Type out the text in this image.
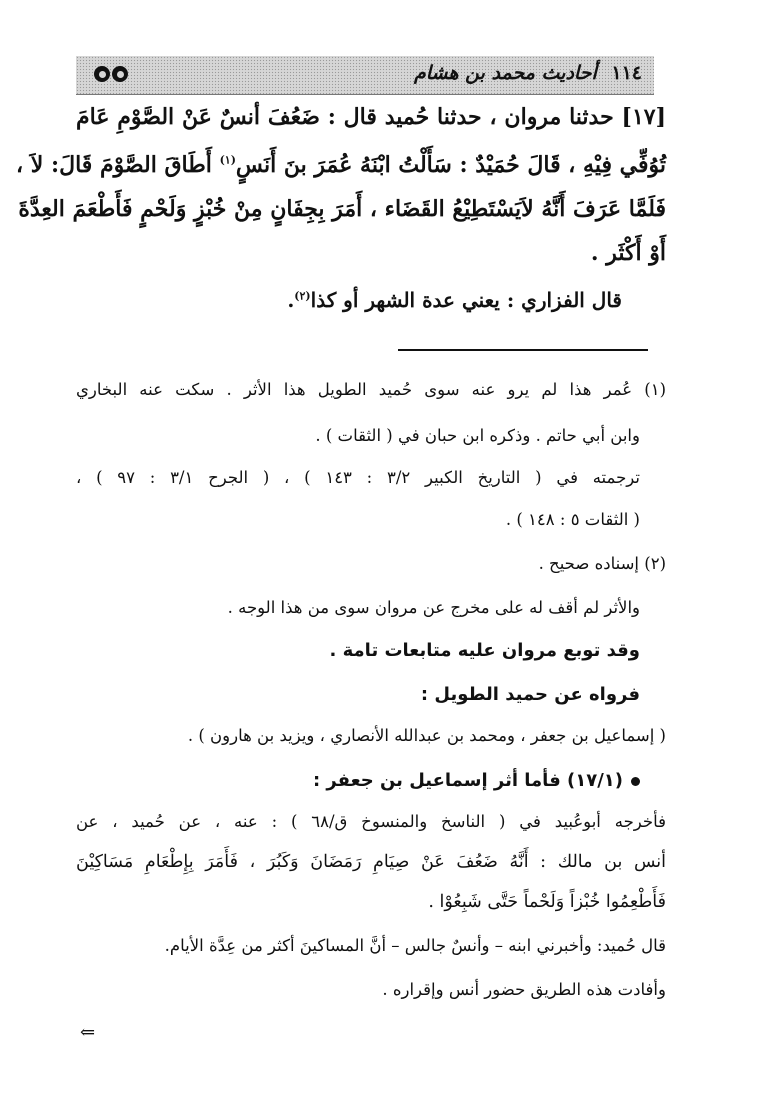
١١٤ أحاديث محمد بن هشام
[١٧] حدثنا مروان ، حدثنا حُميد قال : ضَعُفَ أنسٌ عَنْ الصَّوْمِ عَامَ
تُوُفِّي فِيْهِ ، قَالَ حُمَيْدٌ : سَأَلْتُ ابْنَهُ عُمَرَ بنَ أَنَسٍ$^{(١)}$ أَطَاقَ الصَّوْمَ قَالَ: لاَ ،
فَلَمَّا عَرَفَ أَنَّهُ لاَيَسْتَطِيْعُ القَضَاء ، أَمَرَ بِجِفَانٍ مِنْ خُبْزٍ وَلَحْمٍ فَأَطْعَمَ العِدَّةَ
أَوْ أَكْثَر .
قال الفزاري : يعني عدة الشهر أو كذا$^{(٢)}$.
(١) عُمر هذا لم يرو عنه سوى حُميد الطويل هذا الأثر . سكت عنه البخاري
وابن أبي حاتم . وذكره ابن حبان في ( الثقات ) .
ترجمته في ( التاريخ الكبير ٣/٢ : ١٤٣ ) ، ( الجرح ٣/١ : ٩٧ ) ،
( الثقات ٥ : ١٤٨ ) .
(٢) إسناده صحيح .
والأثر لم أقف له على مخرج عن مروان سوى من هذا الوجه .
وقد توبع مروان عليه متابعات تامة .
فرواه عن حميد الطويل :
( إسماعيل بن جعفر ، ومحمد بن عبدالله الأنصاري ، ويزيد بن هارون ) .
(١٧/١) فأما أثر إسماعيل بن جعفر :
فأخرجه أبوعُبيد في ( الناسخ والمنسوخ ق/٦٨ ) : عنه ، عن حُميد ، عن
أنس بن مالك : أَنَّهُ ضَعُفَ عَنْ صِيَامِ رَمَضَانَ وَكَبُرَ ، فَأَمَرَ بِإِطْعَامِ مَسَاكِيْنَ
فَأَطْعِمُوا خُبْزاً وَلَحْماً حَتَّى شَبِعُوْا .
قال حُميد: وأخبرني ابنه – وأنسٌ جالس – أنَّ المساكينَ أكثر من عِدَّة الأيام.
وأفادت هذه الطريق حضور أنس وإقراره .
⇐
